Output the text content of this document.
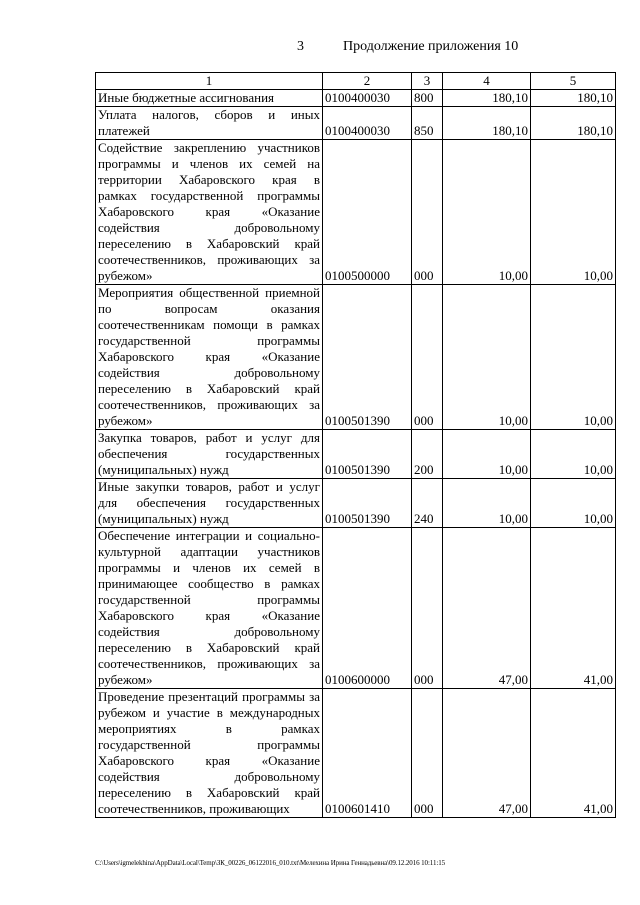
3	Продолжение приложения 10
1	2	3	4	5
Иные бюджетные ассигнования	0100400030	800	180,10	180,10
Уплата налогов, сборов и иных платежей	0100400030	850	180,10	180,10
Содействие закреплению участников программы и членов их семей на территории Хабаровского края в рамках государственной программы Хабаровского края «Оказание содействия добровольному переселению в Хабаровский край соотечественников, проживающих за рубежом»	0100500000	000	10,00	10,00
Мероприятия общественной приемной по вопросам оказания соотечественникам помощи в рамках государственной программы Хабаровского края «Оказание содействия добровольному переселению в Хабаровский край соотечественников, проживающих за рубежом»	0100501390	000	10,00	10,00
Закупка товаров, работ и услуг для обеспечения государственных (муниципальных) нужд	0100501390	200	10,00	10,00
Иные закупки товаров, работ и услуг для обеспечения государственных (муниципальных) нужд	0100501390	240	10,00	10,00
Обеспечение интеграции и социально-культурной адаптации участников программы и членов их семей в принимающее сообщество в рамках государственной программы Хабаровского края «Оказание содействия добровольному переселению в Хабаровский край соотечественников, проживающих за рубежом»	0100600000	000	47,00	41,00
Проведение презентаций программы за рубежом и участие в международных мероприятиях в рамках государственной программы Хабаровского края «Оказание содействия добровольному переселению в Хабаровский край соотечественников, проживающих	0100601410	000	47,00	41,00
C:\Users\igmelekhina\AppData\Local\Temp\ЗК_00226_06122016_010.txt\Мелехина Ирина Геннадьевна\09.12.2016 10:11:15
